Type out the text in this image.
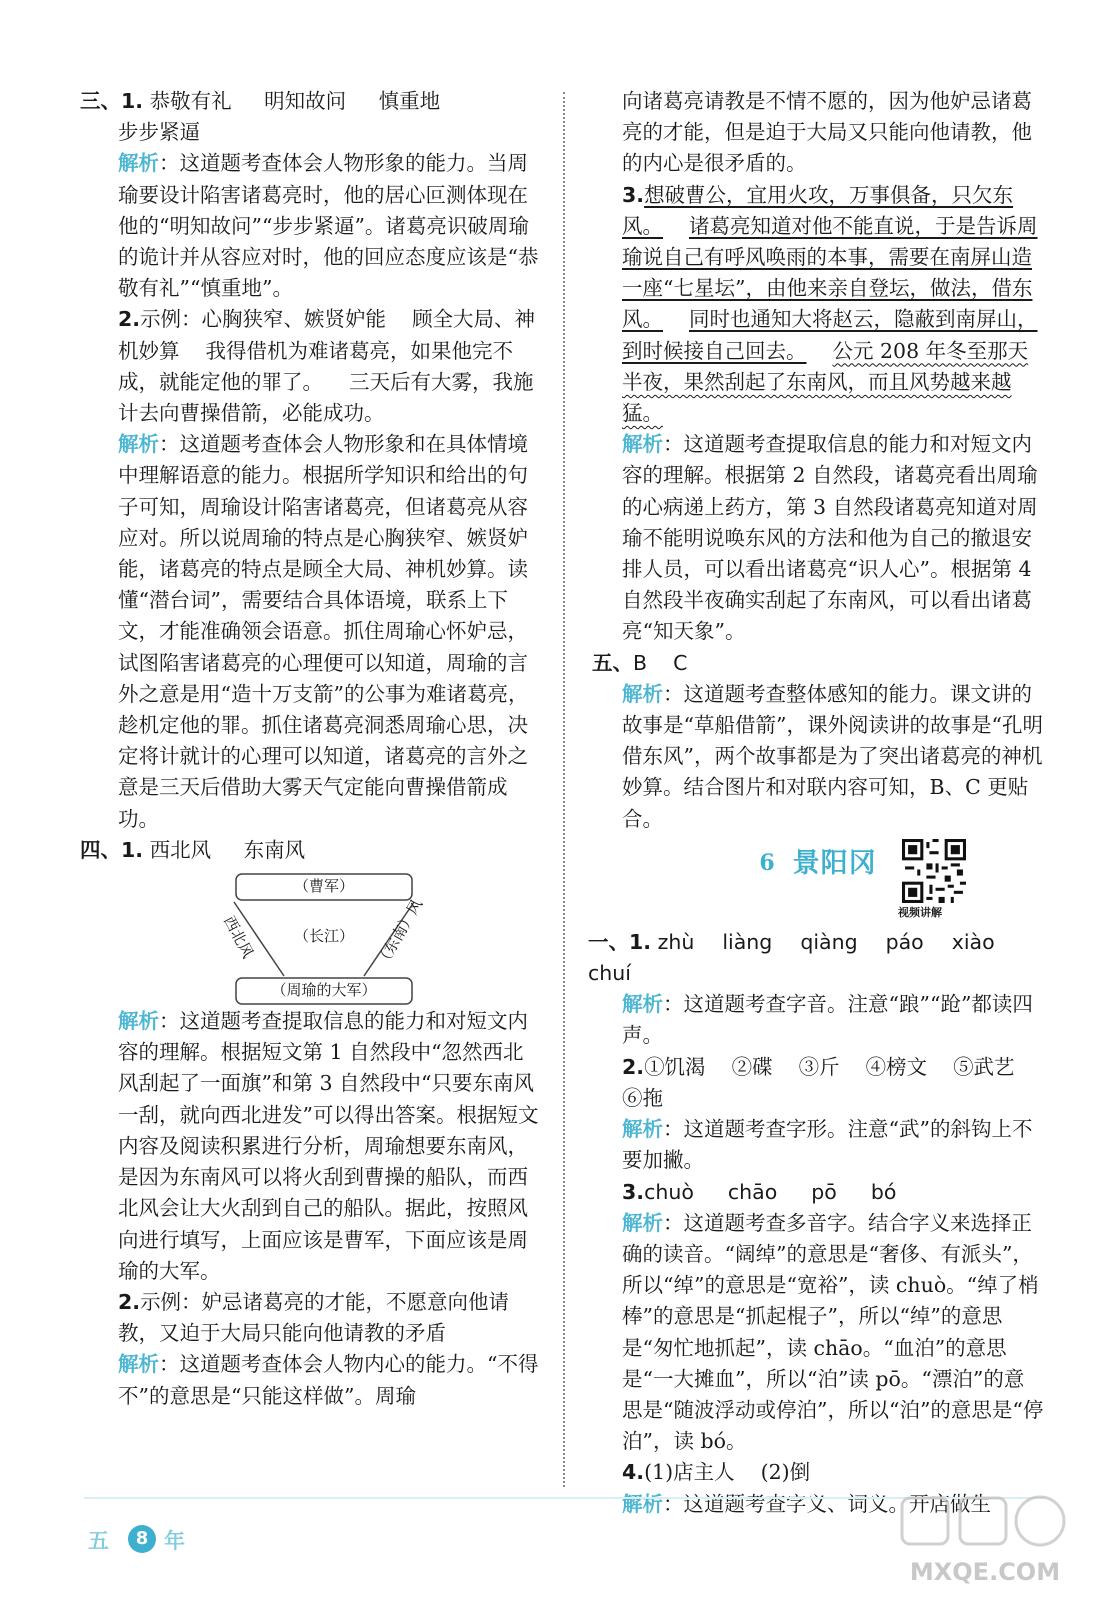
三、1. 恭敬有礼 明知故问 慎重地

步步紧逼

解析：这道题考查体会人物形象的能力。当周瑜要设计陷害诸葛亮时，他的居心叵测体现在他的“明知故问”“步步紧逼”。诸葛亮识破周瑜的诡计并从容应对时，他的回应态度应该是“恭敬有礼”“慎重地”。

2.示例：心胸狭窄、嫉贤妒能 顾全大局、神机妙算 我得借机为难诸葛亮，如果他完不成，就能定他的罪了。 三天后有大雾，我施计去向曹操借箭，必能成功。

解析：这道题考查体会人物形象和在具体情境中理解语意的能力。根据所学知识和给出的句子可知，周瑜设计陷害诸葛亮，但诸葛亮从容应对。所以说周瑜的特点是心胸狭窄、嫉贤妒能，诸葛亮的特点是顾全大局、神机妙算。读懂“潜台词”，需要结合具体语境，联系上下文，才能准确领会语意。抓住周瑜心怀妒忌，试图陷害诸葛亮的心理便可以知道，周瑜的言外之意是用“造十万支箭”的公事为难诸葛亮，趁机定他的罪。抓住诸葛亮洞悉周瑜心思，决定将计就计的心理可以知道，诸葛亮的言外之意是三天后借助大雾天气定能向曹操借箭成功。

四、1. 西北风 东南风

（曹军）
（长江）
（周瑜的大军）
西北风	（东南）风

解析：这道题考查提取信息的能力和对短文内容的理解。根据短文第 1 自然段中“忽然西北风刮起了一面旗”和第 3 自然段中“只要东南风一刮，就向西北进发”可以得出答案。根据短文内容及阅读积累进行分析，周瑜想要东南风，是因为东南风可以将火刮到曹操的船队，而西北风会让大火刮到自己的船队。据此，按照风向进行填写，上面应该是曹军，下面应该是周瑜的大军。

2.示例：妒忌诸葛亮的才能，不愿意向他请教，又迫于大局只能向他请教的矛盾

解析：这道题考查体会人物内心的能力。“不得不”的意思是“只能这样做”。周瑜

向诸葛亮请教是不情不愿的，因为他妒忌诸葛亮的才能，但是迫于大局又只能向他请教，他的内心是很矛盾的。

3.想破曹公，宜用火攻，万事俱备，只欠东风。 诸葛亮知道对他不能直说，于是告诉周瑜说自己有呼风唤雨的本事，需要在南屏山造一座“七星坛”，由他来亲自登坛，做法，借东风。 同时也通知大将赵云，隐蔽到南屏山，到时候接自己回去。 公元 208 年冬至那天半夜，果然刮起了东南风，而且风势越来越猛。

解析：这道题考查提取信息的能力和对短文内容的理解。根据第 2 自然段，诸葛亮看出周瑜的心病递上药方，第 3 自然段诸葛亮知道对周瑜不能明说唤东风的方法和他为自己的撤退安排人员，可以看出诸葛亮“识人心”。根据第 4 自然段半夜确实刮起了东南风，可以看出诸葛亮“知天象”。

五、B C

解析：这道题考查整体感知的能力。课文讲的故事是“草船借箭”，课外阅读讲的故事是“孔明借东风”，两个故事都是为了突出诸葛亮的神机妙算。结合图片和对联内容可知，B、C 更贴合。

6 景阳冈
视频讲解

一、1. zhù liàng qiàng páo xiàochuí

解析：这道题考查字音。注意“踉”“跄”都读四声。

2.①饥渴 ②碟 ③斤 ④榜文 ⑤武艺⑥拖

解析：这道题考查字形。注意“武”的斜钩上不要加撇。

3.chuò chāo pō bó

解析：这道题考查多音字。结合字义来选择正确的读音。“阔绰”的意思是“奢侈、有派头”，所以“绰”的意思是“宽裕”，读 chuò。“绰了梢棒”的意思是“抓起棍子”，所以“绰”的意思是“匆忙地抓起”，读 chāo。“血泊”的意思是“一大摊血”，所以“泊”读 pō。“漂泊”的意思是“随波浮动或停泊”，所以“泊”的意思是“停泊”，读 bó。

4.(1)店主人 (2)倒

解析：这道题考查字义、词义。开店做生

五	8 年
MXQE.COM
